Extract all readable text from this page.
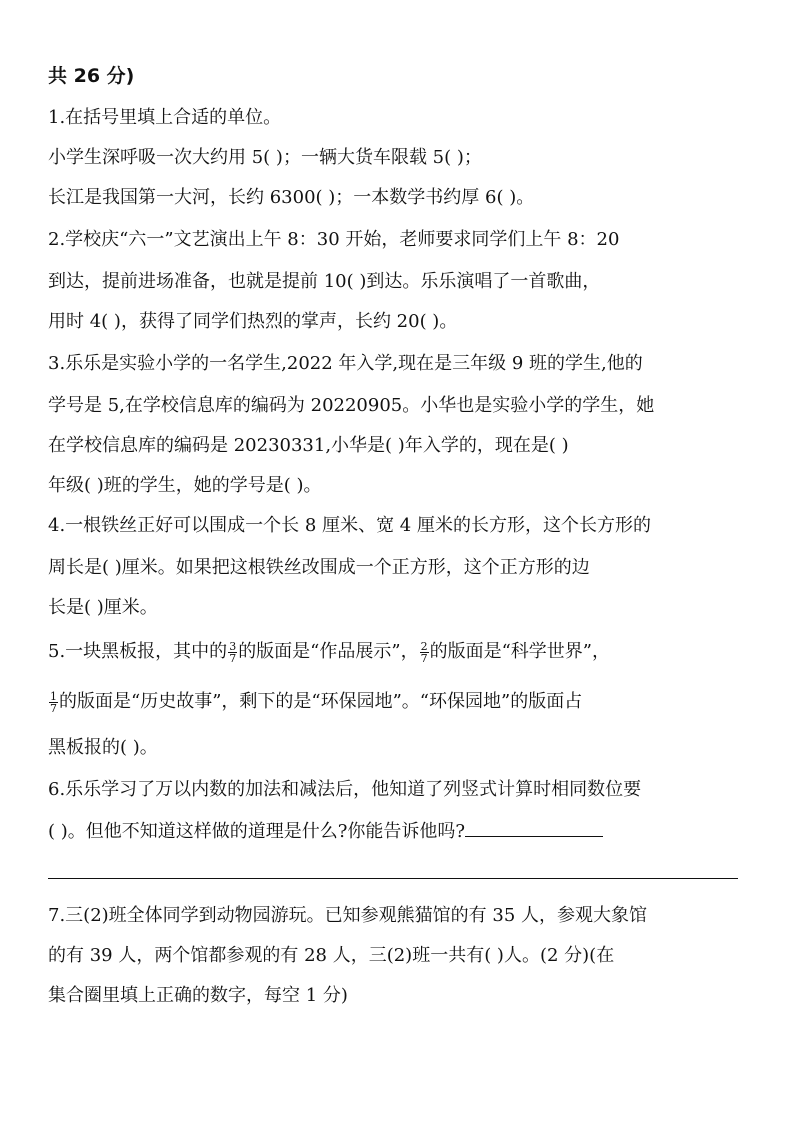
共 26 分)
1.在括号里填上合适的单位。
小学生深呼吸一次大约用 5( )；一辆大货车限载 5( )；
长江是我国第一大河，长约 6300( )；一本数学书约厚 6( )。
2.学校庆“六一”文艺演出上午 8：30 开始，老师要求同学们上午 8：20
到达，提前进场准备，也就是提前 10( )到达。乐乐演唱了一首歌曲，
用时 4( )，获得了同学们热烈的掌声，长约 20( )。
3.乐乐是实验小学的一名学生,2022 年入学,现在是三年级 9 班的学生,他的
学号是 5,在学校信息库的编码为 20220905。小华也是实验小学的学生，她
在学校信息库的编码是 20230331,小华是( )年入学的，现在是( )
年级( )班的学生，她的学号是( )。
4.一根铁丝正好可以围成一个长 8 厘米、宽 4 厘米的长方形，这个长方形的
周长是( )厘米。如果把这根铁丝改围成一个正方形，这个正方形的边
长是( )厘米。
5.一块黑板报，其中的 $\frac{3}{7}$ 的版面是“作品展示”， $\frac{2}{7}$ 的版面是“科学世界”，
$\frac{1}{7}$ 的版面是“历史故事”，剩下的是“环保园地”。“环保园地”的版面占
黑板报的( )。
6.乐乐学习了万以内数的加法和减法后，他知道了列竖式计算时相同数位要
( )。但他不知道这样做的道理是什么?你能告诉他吗?
7.三(2)班全体同学到动物园游玩。已知参观熊猫馆的有 35 人，参观大象馆
的有 39 人，两个馆都参观的有 28 人，三(2)班一共有( )人。(2 分)(在
集合圈里填上正确的数字，每空 1 分)
